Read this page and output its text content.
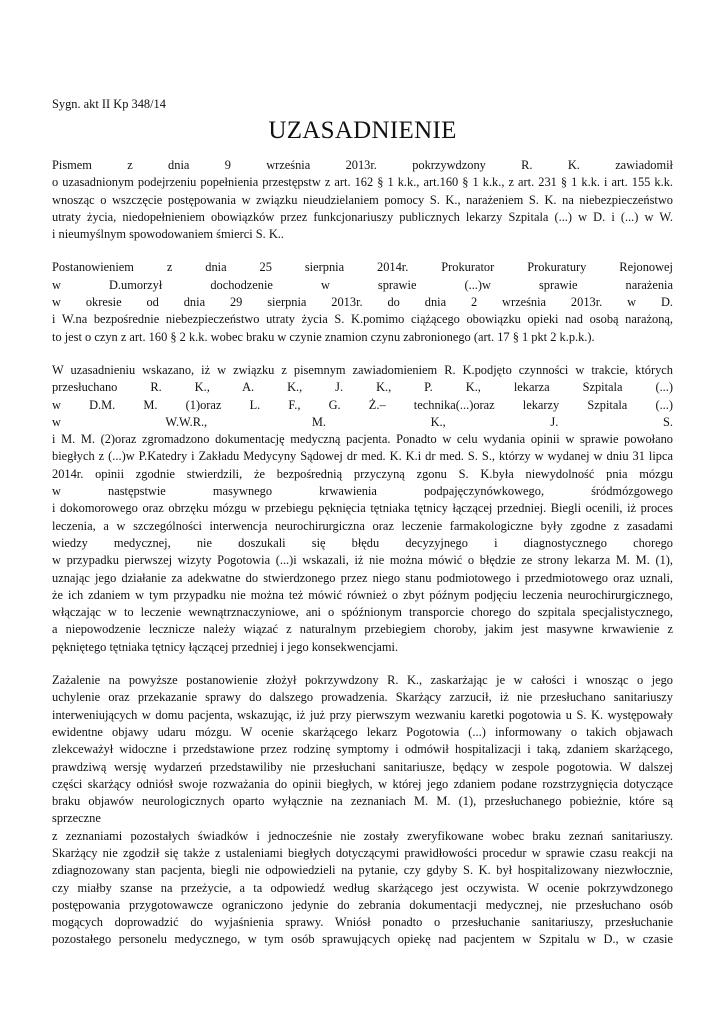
Sygn. akt II Kp 348/14
UZASADNIENIE
Pismem z dnia 9 września 2013r. pokrzywdzony R. K. zawiadomił
o uzasadnionym podejrzeniu popełnienia przestępstw z art. 162 § 1 k.k., art.160 § 1 k.k., z art. 231 § 1 k.k. i art. 155 k.k.
wnosząc o wszczęcie postępowania w związku nieudzielaniem pomocy S. K., narażeniem S. K. na niebezpieczeństwo
utraty życia, niedopełnieniem obowiązków przez funkcjonariuszy publicznych lekarzy Szpitala (...) w D. i (...) w W.
i nieumyślnym spowodowaniem śmierci S. K..
Postanowieniem z dnia 25 sierpnia 2014r. Prokurator Prokuratury Rejonowej
w D.umorzył dochodzenie w sprawie (...)w sprawie narażenia
w okresie od dnia 29 sierpnia 2013r. do dnia 2 września 2013r. w D.
i W.na bezpośrednie niebezpieczeństwo utraty życia S. K.pomimo ciążącego obowiązku opieki nad osobą narażoną,
to jest o czyn z art. 160 § 2 k.k. wobec braku w czynie znamion czynu zabronionego (art. 17 § 1 pkt 2 k.p.k.).
W uzasadnieniu wskazano, iż w związku z pisemnym zawiadomieniem R. K.podjęto czynności w trakcie, których
przesłuchano R. K., A. K., J. K., P. K., lekarza Szpitala (...)
w D.M. M. (1)oraz L. F., G. Ż.– technika(...)oraz lekarzy Szpitala (...)
w W.W.R., M. K., J. S.
i M. M. (2)oraz zgromadzono dokumentację medyczną pacjenta. Ponadto w celu wydania opinii w sprawie powołano
biegłych z (...)w P.Katedry i Zakładu Medycyny Sądowej dr med. K. K.i dr med. S. S., którzy w wydanej w dniu 31 lipca
2014r. opinii zgodnie stwierdzili, że bezpośrednią przyczyną zgonu S. K.była niewydolność pnia mózgu
w następstwie masywnego krwawienia podpajęczynówkowego, śródmózgowego
i dokomorowego oraz obrzęku mózgu w przebiegu pęknięcia tętniaka tętnicy łączącej przedniej. Biegli ocenili, iż proces
leczenia, a w szczególności interwencja neurochirurgiczna oraz leczenie farmakologiczne były zgodne z zasadami
wiedzy medycznej, nie doszukali się błędu decyzyjnego i diagnostycznego chorego
w przypadku pierwszej wizyty Pogotowia (...)i wskazali, iż nie można mówić o błędzie ze strony lekarza M. M. (1),
uznając jego działanie za adekwatne do stwierdzonego przez niego stanu podmiotowego i przedmiotowego oraz uznali,
że ich zdaniem w tym przypadku nie można też mówić również o zbyt późnym podjęciu leczenia neurochirurgicznego,
włączając w to leczenie wewnątrznaczyniowe, ani o spóźnionym transporcie chorego do szpitala specjalistycznego,
a niepowodzenie lecznicze należy wiązać z naturalnym przebiegiem choroby, jakim jest masywne krwawienie z
pękniętego tętniaka tętnicy łączącej przedniej i jego konsekwencjami.
Zażalenie na powyższe postanowienie złożył pokrzywdzony R. K., zaskarżając je w całości i wnosząc o jego
uchylenie oraz przekazanie sprawy do dalszego prowadzenia. Skarżący zarzucił, iż nie przesłuchano sanitariuszy
interweniujących w domu pacjenta, wskazując, iż już przy pierwszym wezwaniu karetki pogotowia u S. K. występowały
ewidentne objawy udaru mózgu. W ocenie skarżącego lekarz Pogotowia (...) informowany o takich objawach
zlekceważył widoczne i przedstawione przez rodzinę symptomy i odmówił hospitalizacji i taką, zdaniem skarżącego,
prawdziwą wersję wydarzeń przedstawiliby nie przesłuchani sanitariusze, będący w zespole pogotowia. W dalszej
części skarżący odniósł swoje rozważania do opinii biegłych, w której jego zdaniem podane rozstrzygnięcia dotyczące
braku objawów neurologicznych oparto wyłącznie na zeznaniach M. M. (1), przesłuchanego pobieżnie, które są
sprzeczne
z zeznaniami pozostałych świadków i jednocześnie nie zostały zweryfikowane wobec braku zeznań sanitariuszy.
Skarżący nie zgodził się także z ustaleniami biegłych dotyczącymi prawidłowości procedur w sprawie czasu reakcji na
zdiagnozowany stan pacjenta, biegli nie odpowiedzieli na pytanie, czy gdyby S. K. był hospitalizowany niezwłocznie,
czy miałby szanse na przeżycie, a ta odpowiedź według skarżącego jest oczywista. W ocenie pokrzywdzonego
postępowania przygotowawcze ograniczono jedynie do zebrania dokumentacji medycznej, nie przesłuchano osób
mogących doprowadzić do wyjaśnienia sprawy. Wniósł ponadto o przesłuchanie sanitariuszy, przesłuchanie
pozostałego personelu medycznego, w tym osób sprawujących opiekę nad pacjentem w Szpitalu w D., w czasie
